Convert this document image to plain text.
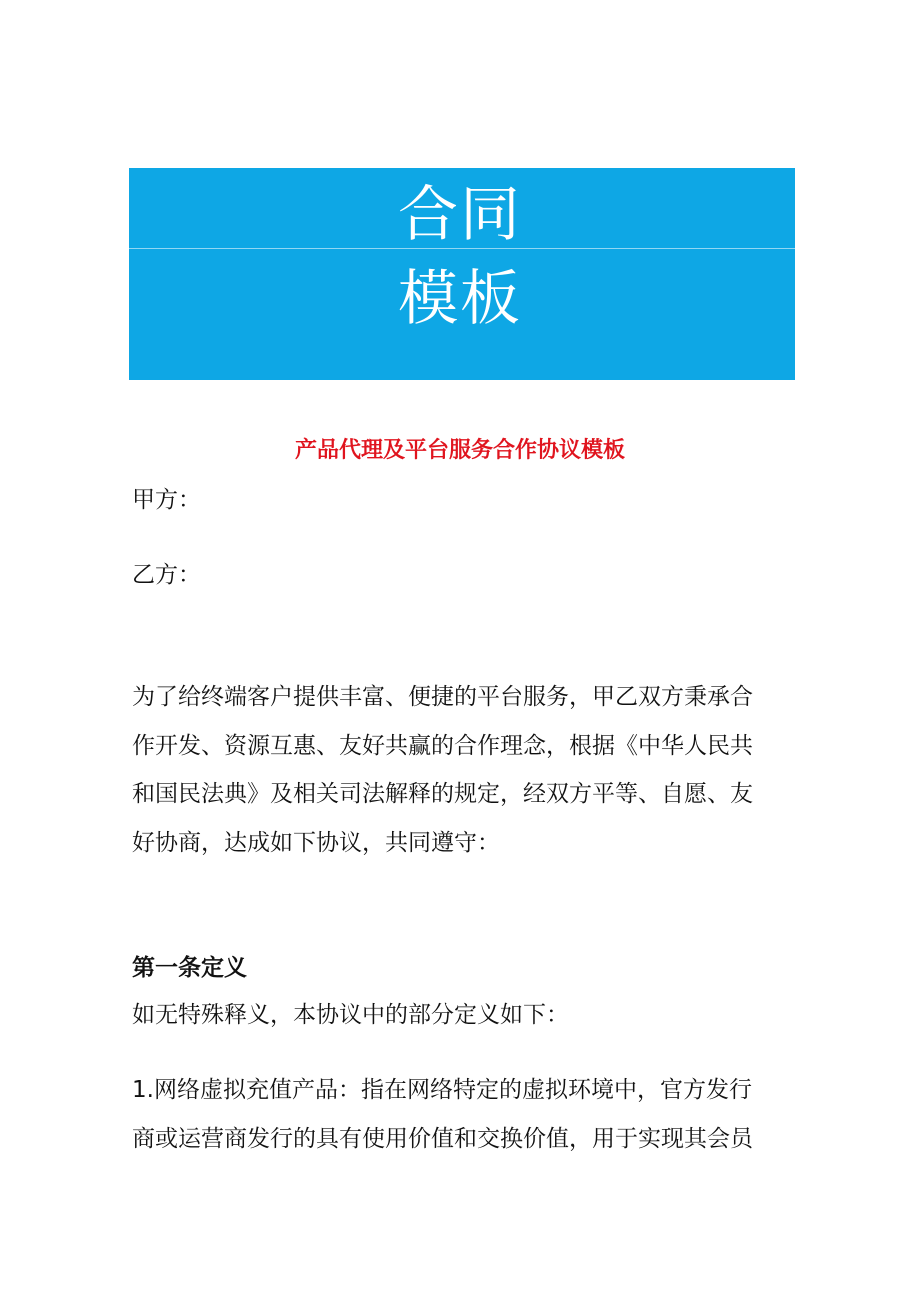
合同
模板
产品代理及平台服务合作协议模板
甲方：
乙方：
为了给终端客户提供丰富、便捷的平台服务，甲乙双方秉承合
作开发、资源互惠、友好共赢的合作理念，根据《中华人民共
和国民法典》及相关司法解释的规定，经双方平等、自愿、友
好协商，达成如下协议，共同遵守：
第一条定义
如无特殊释义，本协议中的部分定义如下：
1.网络虚拟充值产品：指在网络特定的虚拟环境中，官方发行
商或运营商发行的具有使用价值和交换价值，用于实现其会员
